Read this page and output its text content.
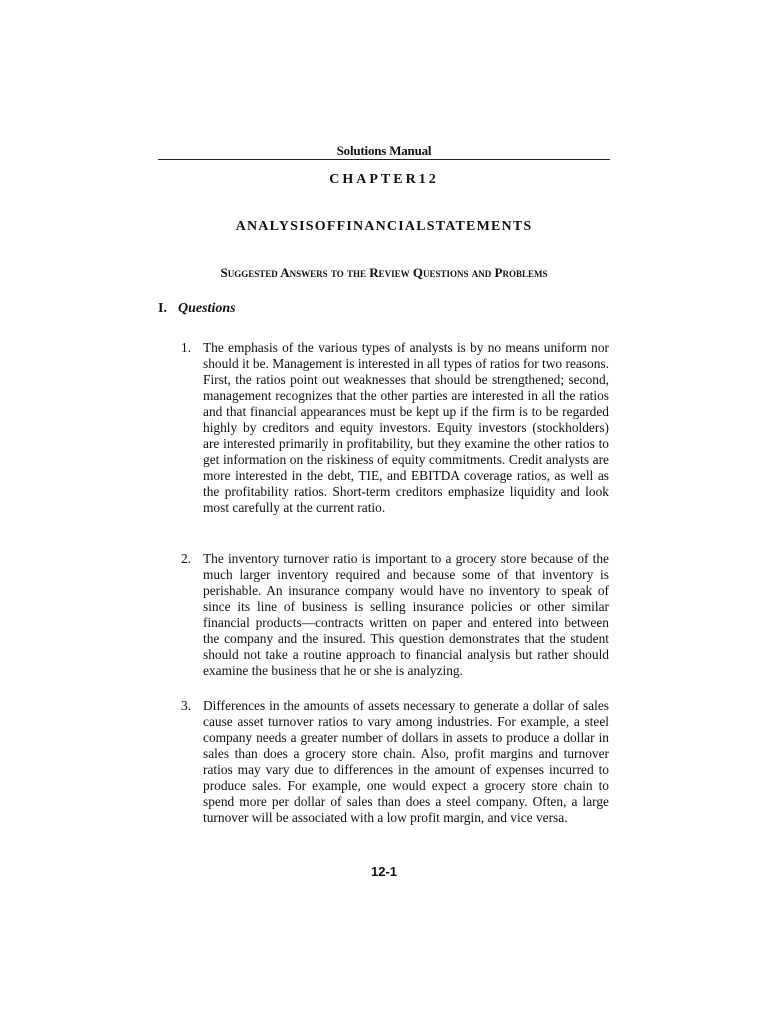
Solutions Manual
CHAPTER12
ANALYSISOFFINANCIALSTATEMENTS
Suggested Answers to the Review Questions and Problems
I. Questions
1. The emphasis of the various types of analysts is by no means uniform nor should it be. Management is interested in all types of ratios for two reasons. First, the ratios point out weaknesses that should be strengthened; second, management recognizes that the other parties are interested in all the ratios and that financial appearances must be kept up if the firm is to be regarded highly by creditors and equity investors. Equity investors (stockholders) are interested primarily in profitability, but they examine the other ratios to get information on the riskiness of equity commitments. Credit analysts are more interested in the debt, TIE, and EBITDA coverage ratios, as well as the profitability ratios. Short-term creditors emphasize liquidity and look most carefully at the current ratio.
2. The inventory turnover ratio is important to a grocery store because of the much larger inventory required and because some of that inventory is perishable. An insurance company would have no inventory to speak of since its line of business is selling insurance policies or other similar financial products—contracts written on paper and entered into between the company and the insured. This question demonstrates that the student should not take a routine approach to financial analysis but rather should examine the business that he or she is analyzing.
3. Differences in the amounts of assets necessary to generate a dollar of sales cause asset turnover ratios to vary among industries. For example, a steel company needs a greater number of dollars in assets to produce a dollar in sales than does a grocery store chain. Also, profit margins and turnover ratios may vary due to differences in the amount of expenses incurred to produce sales. For example, one would expect a grocery store chain to spend more per dollar of sales than does a steel company. Often, a large turnover will be associated with a low profit margin, and vice versa.
12-1
